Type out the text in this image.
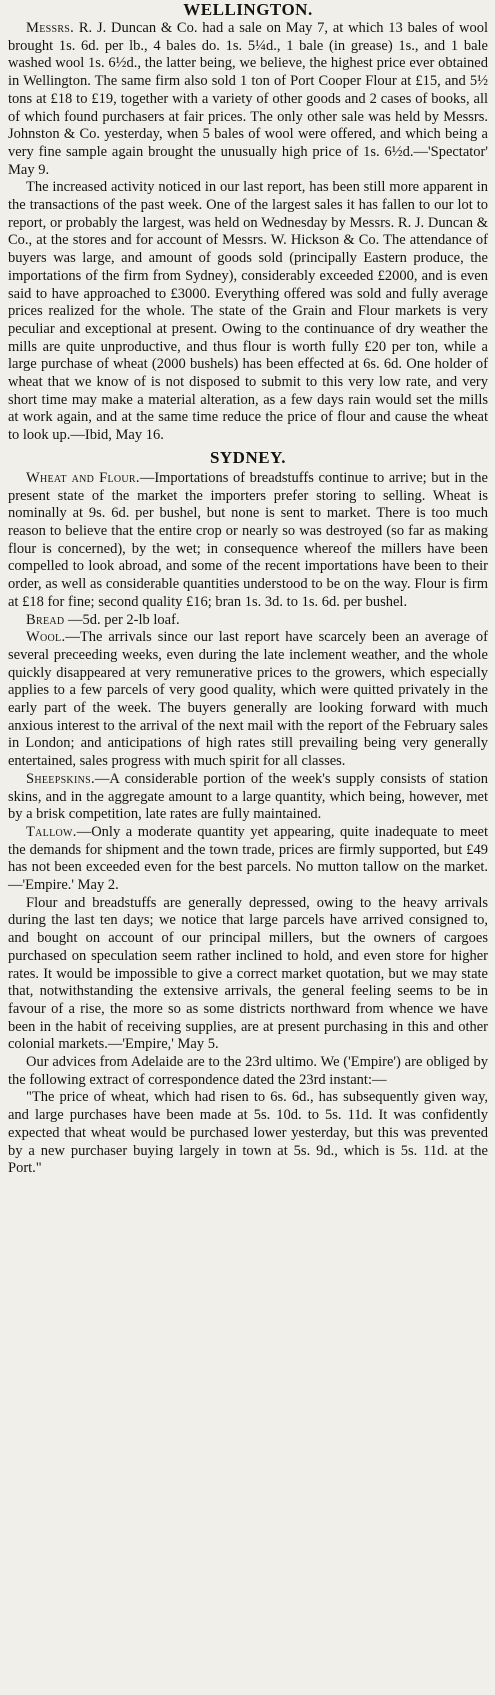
WELLINGTON.

Messrs. R. J. Duncan & Co. had a sale on May 7, at which 13 bales of wool brought 1s. 6d. per lb., 4 bales do. 1s. 5¼d., 1 bale (in grease) 1s., and 1 bale washed wool 1s. 6½d., the latter being, we believe, the highest price ever obtained in Wellington. The same firm also sold 1 ton of Port Cooper Flour at £15, and 5½ tons at £18 to £19, together with a variety of other goods and 2 cases of books, all of which found purchasers at fair prices. The only other sale was held by Messrs. Johnston & Co. yesterday, when 5 bales of wool were offered, and which being a very fine sample again brought the unusually high price of 1s. 6½d.—'Spectator' May 9.

The increased activity noticed in our last report, has been still more apparent in the transactions of the past week. One of the largest sales it has fallen to our lot to report, or probably the largest, was held on Wednesday by Messrs. R. J. Duncan & Co., at the stores and for account of Messrs. W. Hickson & Co. The attendance of buyers was large, and amount of goods sold (principally Eastern produce, the importations of the firm from Sydney), considerably exceeded £2000, and is even said to have approached to £3000. Everything offered was sold and fully average prices realized for the whole. The state of the Grain and Flour markets is very peculiar and exceptional at present. Owing to the continuance of dry weather the mills are quite unproductive, and thus flour is worth fully £20 per ton, while a large purchase of wheat (2000 bushels) has been effected at 6s. 6d. One holder of wheat that we know of is not disposed to submit to this very low rate, and very short time may make a material alteration, as a few days rain would set the mills at work again, and at the same time reduce the price of flour and cause the wheat to look up.—Ibid, May 16.

SYDNEY.

Wheat and Flour.—Importations of breadstuffs continue to arrive; but in the present state of the market the importers prefer storing to selling. Wheat is nominally at 9s. 6d. per bushel, but none is sent to market. There is too much reason to believe that the entire crop or nearly so was destroyed (so far as making flour is concerned), by the wet; in consequence whereof the millers have been compelled to look abroad, and some of the recent importations have been to their order, as well as considerable quantities understood to be on the way. Flour is firm at £18 for fine; second quality £16; bran 1s. 3d. to 1s. 6d. per bushel.

Bread —5d. per 2-lb loaf.

Wool.—The arrivals since our last report have scarcely been an average of several preceeding weeks, even during the late inclement weather, and the whole quickly disappeared at very remunerative prices to the growers, which especially applies to a few parcels of very good quality, which were quitted privately in the early part of the week. The buyers generally are looking forward with much anxious interest to the arrival of the next mail with the report of the February sales in London; and anticipations of high rates still prevailing being very generally entertained, sales progress with much spirit for all classes.

Sheepskins.—A considerable portion of the week's supply consists of station skins, and in the aggregate amount to a large quantity, which being, however, met by a brisk competition, late rates are fully maintained.

Tallow.—Only a moderate quantity yet appearing, quite inadequate to meet the demands for shipment and the town trade, prices are firmly supported, but £49 has not been exceeded even for the best parcels. No mutton tallow on the market.—'Empire.' May 2.

Flour and breadstuffs are generally depressed, owing to the heavy arrivals during the last ten days; we notice that large parcels have arrived consigned to, and bought on account of our principal millers, but the owners of cargoes purchased on speculation seem rather inclined to hold, and even store for higher rates. It would be impossible to give a correct market quotation, but we may state that, notwithstanding the extensive arrivals, the general feeling seems to be in favour of a rise, the more so as some districts northward from whence we have been in the habit of receiving supplies, are at present purchasing in this and other colonial markets.—'Empire,' May 5.

Our advices from Adelaide are to the 23rd ultimo. We ('Empire') are obliged by the following extract of correspondence dated the 23rd instant:—

"The price of wheat, which had risen to 6s. 6d., has subsequently given way, and large purchases have been made at 5s. 10d. to 5s. 11d. It was confidently expected that wheat would be purchased lower yesterday, but this was prevented by a new purchaser buying largely in town at 5s. 9d., which is 5s. 11d. at the Port."
